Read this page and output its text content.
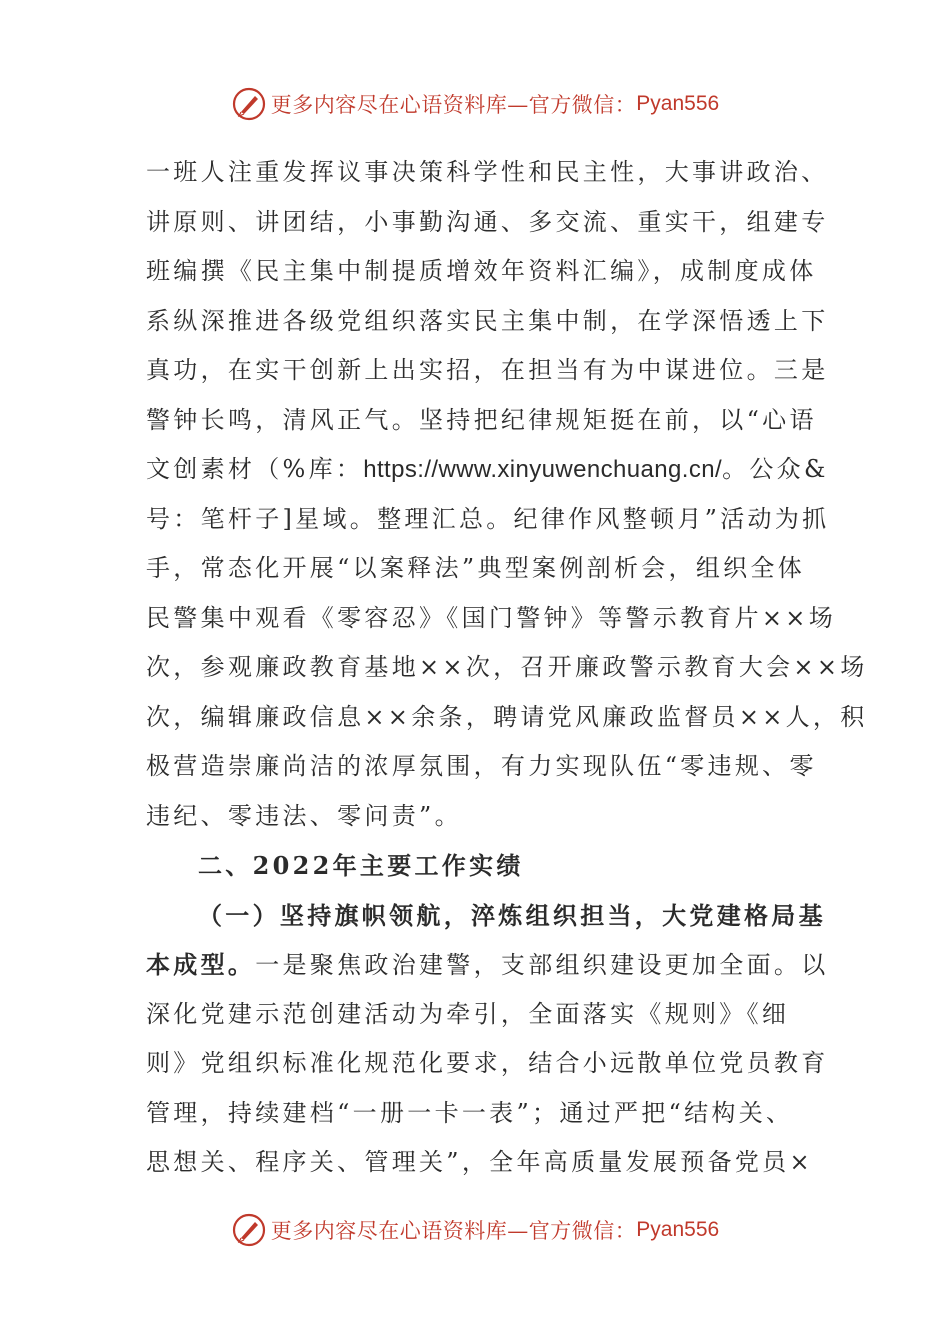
更多内容尽在心语资料库—官方微信： Pyan556
一班人注重发挥议事决策科学性和民主性，大事讲政治、
讲原则、讲团结，小事勤沟通、多交流、重实干，组建专
班编撰《民主集中制提质增效年资料汇编》，成制度成体
系纵深推进各级党组织落实民主集中制，在学深悟透上下
真功，在实干创新上出实招，在担当有为中谋进位。三是
警钟长鸣，清风正气。坚持把纪律规矩挺在前，以“心语
文创素材（%库：https://www.xinyuwenchuang.cn/。公众&
号：笔杆子]星域。整理汇总。纪律作风整顿月”活动为抓
手，常态化开展“以案释法”典型案例剖析会，组织全体
民警集中观看《零容忍》《国门警钟》等警示教育片××场
次，参观廉政教育基地××次，召开廉政警示教育大会××场
次，编辑廉政信息××余条，聘请党风廉政监督员××人，积
极营造崇廉尚洁的浓厚氛围，有力实现队伍“零违规、零
违纪、零违法、零问责”。
二、2022年主要工作实绩
（一）坚持旗帜领航，淬炼组织担当，大党建格局基
本成型。一是聚焦政治建警，支部组织建设更加全面。以
深化党建示范创建活动为牵引，全面落实《规则》《细
则》党组织标准化规范化要求，结合小远散单位党员教育
管理，持续建档“一册一卡一表”；通过严把“结构关、
思想关、程序关、管理关”，全年高质量发展预备党员×
更多内容尽在心语资料库—官方微信： Pyan556
